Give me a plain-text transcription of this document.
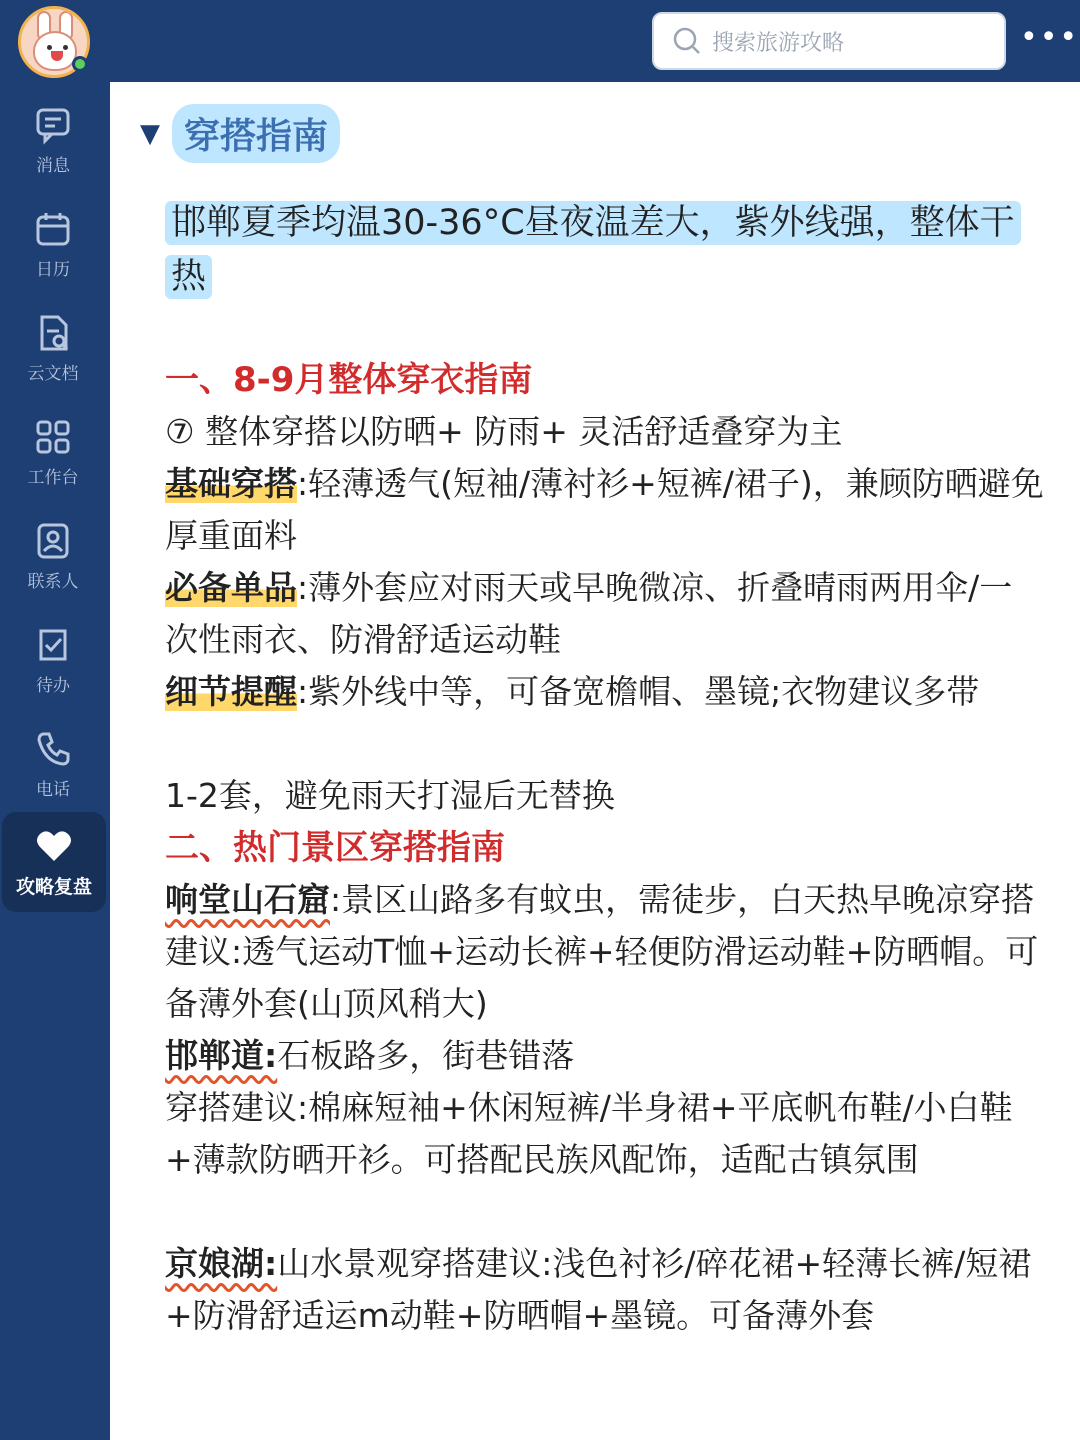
消息
日历
云文档
工作台
联系人
待办
电话
攻略复盘
搜索旅游攻略	•••
▼ 穿搭指南
邯郸夏季均温30-36°C昼夜温差大，紫外线强，整体干热
一、8-9月整体穿衣指南
⑦ 整体穿搭以防晒+ 防雨+ 灵活舒适叠穿为主
基础穿搭:轻薄透气(短袖/薄衬衫+短裤/裙子)，兼顾防晒避免厚重面料
必备单品:薄外套应对雨天或早晚微凉、折叠晴雨两用伞/一次性雨衣、防滑舒适运动鞋
细节提醒:紫外线中等，可备宽檐帽、墨镜;衣物建议多带
1-2套，避免雨天打湿后无替换
二、热门景区穿搭指南
响堂山石窟:景区山路多有蚊虫，需徒步，白天热早晚凉穿搭建议:透气运动T恤+运动长裤+轻便防滑运动鞋+防晒帽。可备薄外套(山顶风稍大)
邯郸道:石板路多，街巷错落
穿搭建议:棉麻短袖+休闲短裤/半身裙+平底帆布鞋/小白鞋+薄款防晒开衫。可搭配民族风配饰，适配古镇氛围
京娘湖:山水景观穿搭建议:浅色衬衫/碎花裙+轻薄长裤/短裙+防滑舒适运m动鞋+防晒帽+墨镜。可备薄外套
